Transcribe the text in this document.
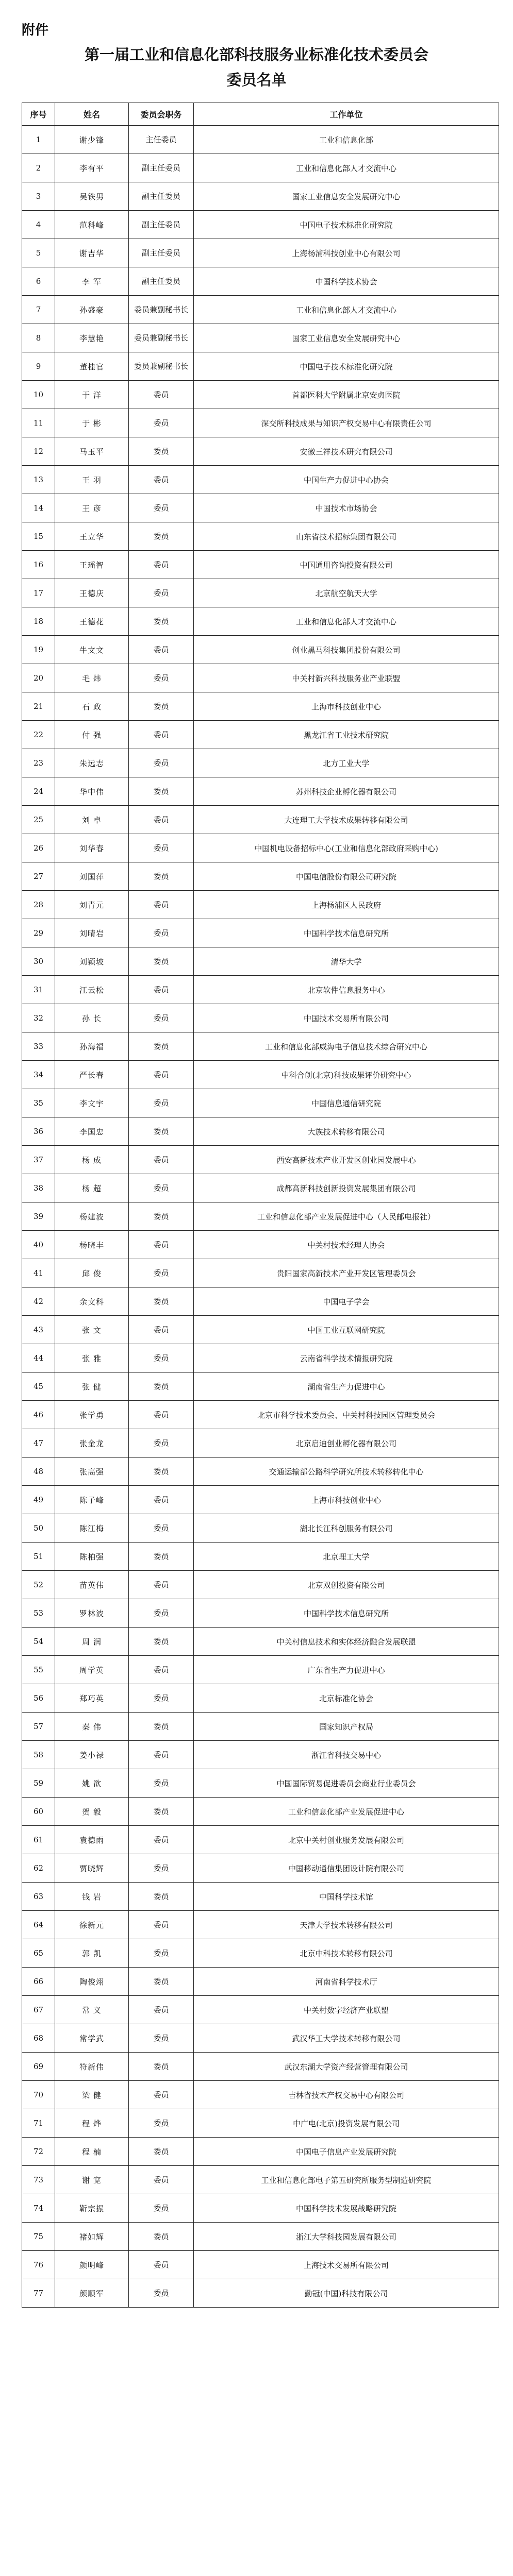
附件
第一届工业和信息化部科技服务业标准化技术委员会
委员名单
序号	姓名	委员会职务	工作单位
1	谢少锋	主任委员	工业和信息化部
2	李有平	副主任委员	工业和信息化部人才交流中心
3	吴铁男	副主任委员	国家工业信息安全发展研究中心
4	范科峰	副主任委员	中国电子技术标准化研究院
5	谢吉华	副主任委员	上海杨浦科技创业中心有限公司
6	李 军	副主任委员	中国科学技术协会
7	孙盛豪	委员兼副秘书长	工业和信息化部人才交流中心
8	李慧艳	委员兼副秘书长	国家工业信息安全发展研究中心
9	董桂官	委员兼副秘书长	中国电子技术标准化研究院
10	于 洋	委员	首都医科大学附属北京安贞医院
11	于 彬	委员	深交所科技成果与知识产权交易中心有限责任公司
12	马玉平	委员	安徽三祥技术研究有限公司
13	王 羽	委员	中国生产力促进中心协会
14	王 彦	委员	中国技术市场协会
15	王立华	委员	山东省技术招标集团有限公司
16	王瑶智	委员	中国通用咨询投资有限公司
17	王德庆	委员	北京航空航天大学
18	王德花	委员	工业和信息化部人才交流中心
19	牛文文	委员	创业黑马科技集团股份有限公司
20	毛 炜	委员	中关村新兴科技服务业产业联盟
21	石 政	委员	上海市科技创业中心
22	付 强	委员	黑龙江省工业技术研究院
23	朱远志	委员	北方工业大学
24	华中伟	委员	苏州科技企业孵化器有限公司
25	刘 卓	委员	大连理工大学技术成果转移有限公司
26	刘华春	委员	中国机电设备招标中心(工业和信息化部政府采购中心)
27	刘国萍	委员	中国电信股份有限公司研究院
28	刘青元	委员	上海杨浦区人民政府
29	刘晴岩	委员	中国科学技术信息研究所
30	刘颖坡	委员	清华大学
31	江云松	委员	北京软件信息服务中心
32	孙 长	委员	中国技术交易所有限公司
33	孙海福	委员	工业和信息化部威海电子信息技术综合研究中心
34	严长春	委员	中科合创(北京)科技成果评价研究中心
35	李文宇	委员	中国信息通信研究院
36	李国忠	委员	大族技术转移有限公司
37	杨 成	委员	西安高新技术产业开发区创业园发展中心
38	杨 超	委员	成都高新科技创新投资发展集团有限公司
39	杨建波	委员	工业和信息化部产业发展促进中心（人民邮电报社）
40	杨晓丰	委员	中关村技术经理人协会
41	邱 俊	委员	贵阳国家高新技术产业开发区管理委员会
42	余文科	委员	中国电子学会
43	张 文	委员	中国工业互联网研究院
44	张 雅	委员	云南省科学技术情报研究院
45	张 健	委员	湖南省生产力促进中心
46	张学勇	委员	北京市科学技术委员会、中关村科技园区管理委员会
47	张金龙	委员	北京启迪创业孵化器有限公司
48	张高强	委员	交通运输部公路科学研究所技术转移转化中心
49	陈子峰	委员	上海市科技创业中心
50	陈江梅	委员	湖北长江科创服务有限公司
51	陈柏强	委员	北京理工大学
52	苗英伟	委员	北京双创投资有限公司
53	罗林波	委员	中国科学技术信息研究所
54	周 润	委员	中关村信息技术和实体经济融合发展联盟
55	周学英	委员	广东省生产力促进中心
56	郑巧英	委员	北京标准化协会
57	秦 伟	委员	国家知识产权局
58	姜小禄	委员	浙江省科技交易中心
59	姚 欲	委员	中国国际贸易促进委员会商业行业委员会
60	贺 毅	委员	工业和信息化部产业发展促进中心
61	袁德雨	委员	北京中关村创业服务发展有限公司
62	贾晓辉	委员	中国移动通信集团设计院有限公司
63	钱 岩	委员	中国科学技术馆
64	徐新元	委员	天津大学技术转移有限公司
65	郭 凯	委员	北京中科技术转移有限公司
66	陶俊翊	委员	河南省科学技术厅
67	常 义	委员	中关村数字经济产业联盟
68	常学武	委员	武汉华工大学技术转移有限公司
69	符新伟	委员	武汉东湖大学资产经营管理有限公司
70	梁 健	委员	吉林省技术产权交易中心有限公司
71	程 烨	委员	中广电(北京)投资发展有限公司
72	程 楠	委员	中国电子信息产业发展研究院
73	谢 宽	委员	工业和信息化部电子第五研究所服务型制造研究院
74	靳宗振	委员	中国科学技术发展战略研究院
75	褚如辉	委员	浙江大学科技园发展有限公司
76	颜明峰	委员	上海技术交易所有限公司
77	颜顺军	委员	勤冠(中国)科技有限公司
